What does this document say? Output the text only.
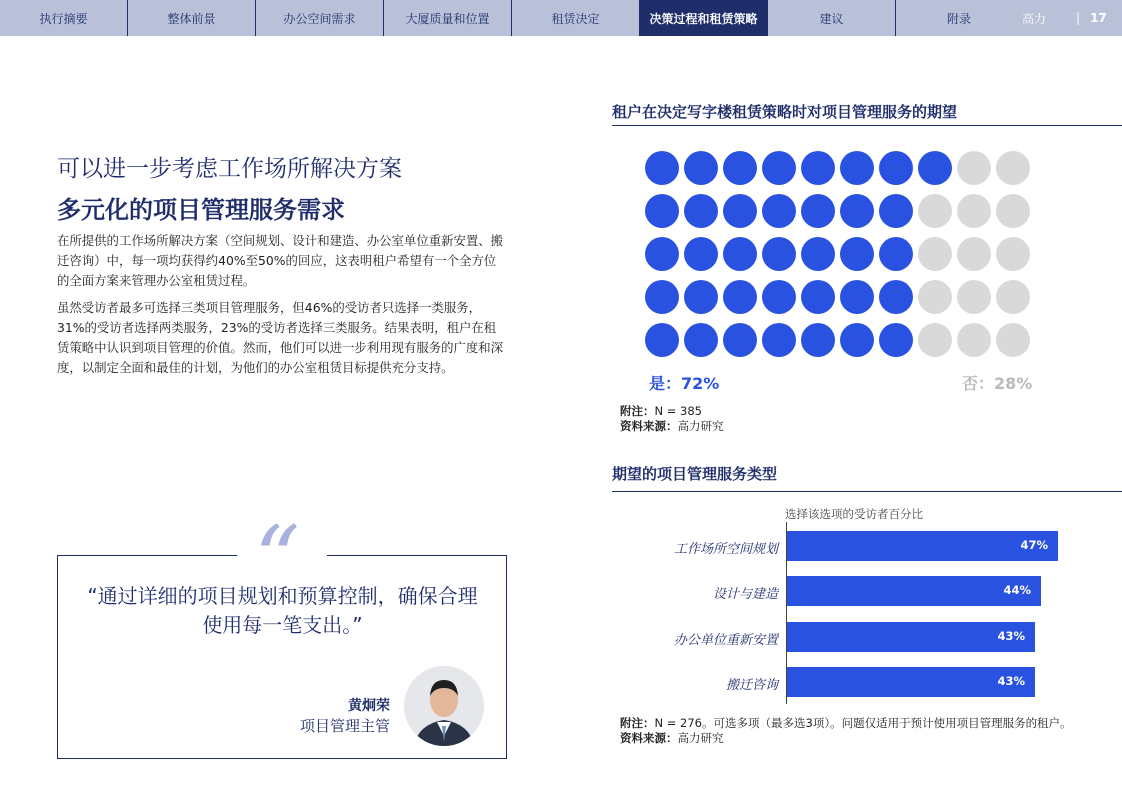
执行摘要	整体前景	办公空间需求	大厦质量和位置	租赁决定	决策过程和租赁策略	建议	附录	高力	| 17
可以进一步考虑工作场所解决方案
多元化的项目管理服务需求
在所提供的工作场所解决方案（空间规划、设计和建造、办公室单位重新安置、搬迁咨询）中，每一项均获得约40%至50%的回应，这表明租户希望有一个全方位的全面方案来管理办公室租赁过程。
虽然受访者最多可选择三类项目管理服务，但46%的受访者只选择一类服务，31%的受访者选择两类服务，23%的受访者选择三类服务。结果表明，租户在租赁策略中认识到项目管理的价值。然而，他们可以进一步利用现有服务的广度和深度，以制定全面和最佳的计划，为他们的办公室租赁目标提供充分支持。
“
“通过详细的项目规划和预算控制，确保合理使用每一笔支出。”
黄炯荣
项目管理主管
租户在决定写字楼租赁策略时对项目管理服务的期望
是：72%	否：28%
附注：N = 385
资料来源：高力研究
期望的项目管理服务类型
选择该选项的受访者百分比
工作场所空间规划	47%
设计与建造	44%
办公单位重新安置	43%
搬迁咨询	43%
附注：N = 276。可选多项（最多选3项）。问题仅适用于预计使用项目管理服务的租户。
资料来源：高力研究
